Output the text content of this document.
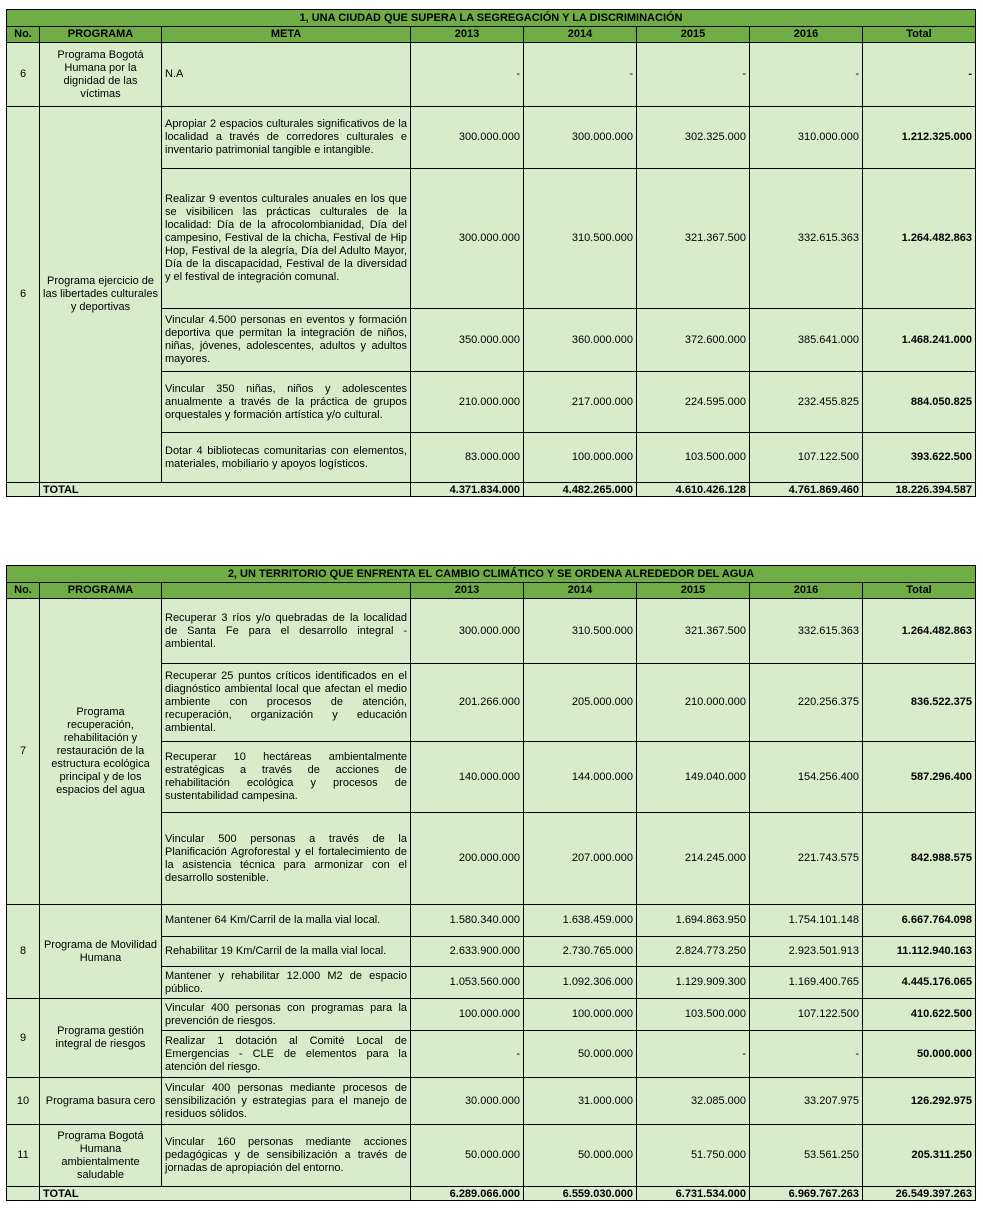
1, UNA CIUDAD QUE SUPERA LA SEGREGACIÓN Y LA DISCRIMINACIÓN							
No.	PROGRAMA	META	2013	2014	2015	2016	Total
6	Programa Bogotá Humana por la dignidad de las víctimas	N.A	-	-	-	-	-
6	Programa ejercicio de las libertades culturales y deportivas	Apropiar 2 espacios culturales significativos de la localidad a través de corredores culturales e inventario patrimonial tangible e intangible.	300.000.000	300.000.000	302.325.000	310.000.000	1.212.325.000
		Realizar 9 eventos culturales anuales en los que se visibilicen las prácticas culturales de la localidad: Día de la afrocolombianidad, Día del campesino, Festival de la chicha, Festival de Hip Hop, Festival de la alegría, Día del Adulto Mayor, Día de la discapacidad, Festival de la diversidad y el festival de integración comunal.	300.000.000	310.500.000	321.367.500	332.615.363	1.264.482.863
		Vincular 4.500 personas en eventos y formación deportiva que permitan la integración de niños, niñas, jóvenes, adolescentes, adultos y adultos mayores.	350.000.000	360.000.000	372.600.000	385.641.000	1.468.241.000
		Vincular 350 niñas, niños y adolescentes anualmente a través de la práctica de grupos orquestales y formación artística y/o cultural.	210.000.000	217.000.000	224.595.000	232.455.825	884.050.825
		Dotar 4 bibliotecas comunitarias con elementos, materiales, mobiliario y apoyos logísticos.	83.000.000	100.000.000	103.500.000	107.122.500	393.622.500
	TOTAL		4.371.834.000	4.482.265.000	4.610.426.128	4.761.869.460	18.226.394.587
2, UN TERRITORIO QUE ENFRENTA EL CAMBIO CLIMÁTICO Y SE ORDENA ALREDEDOR DEL AGUA							
No.	PROGRAMA		2013	2014	2015	2016	Total
7	Programa recuperación, rehabilitación y restauración de la estructura ecológica principal y de los espacios del agua	Recuperar 3 ríos y/o quebradas de la localidad de Santa Fe para el desarrollo integral - ambiental.	300.000.000	310.500.000	321.367.500	332.615.363	1.264.482.863
		Recuperar 25 puntos críticos identificados en el diagnóstico ambiental local que afectan el medio ambiente con procesos de atención, recuperación, organización y educación ambiental.	201.266.000	205.000.000	210.000.000	220.256.375	836.522.375
		Recuperar 10 hectáreas ambientalmente estratégicas a través de acciones de rehabilitación ecológica y procesos de sustentabilidad campesina.	140.000.000	144.000.000	149.040.000	154.256.400	587.296.400
		Vincular 500 personas a través de la Planificación Agroforestal y el fortalecimiento de la asistencia técnica para armonizar con el desarrollo sostenible.	200.000.000	207.000.000	214.245.000	221.743.575	842.988.575
8	Programa de Movilidad Humana	Mantener 64 Km/Carril de la malla vial local.	1.580.340.000	1.638.459.000	1.694.863.950	1.754.101.148	6.667.764.098
		Rehabilitar 19 Km/Carril de la malla vial local.	2.633.900.000	2.730.765.000	2.824.773.250	2.923.501.913	11.112.940.163
		Mantener y rehabilitar 12.000 M2 de espacio público.	1.053.560.000	1.092.306.000	1.129.909.300	1.169.400.765	4.445.176.065
9	Programa gestión integral de riesgos	Vincular 400 personas con programas para la prevención de riesgos.	100.000.000	100.000.000	103.500.000	107.122.500	410.622.500
		Realizar 1 dotación al Comité Local de Emergencias - CLE de elementos para la atención del riesgo.	-	50.000.000	-	-	50.000.000
10	Programa basura cero	Vincular 400 personas mediante procesos de sensibilización y estrategias para el manejo de residuos sólidos.	30.000.000	31.000.000	32.085.000	33.207.975	126.292.975
11	Programa Bogotá Humana ambientalmente saludable	Vincular 160 personas mediante acciones pedagógicas y de sensibilización a través de jornadas de apropiación del entorno.	50.000.000	50.000.000	51.750.000	53.561.250	205.311.250
	TOTAL		6.289.066.000	6.559.030.000	6.731.534.000	6.969.767.263	26.549.397.263
